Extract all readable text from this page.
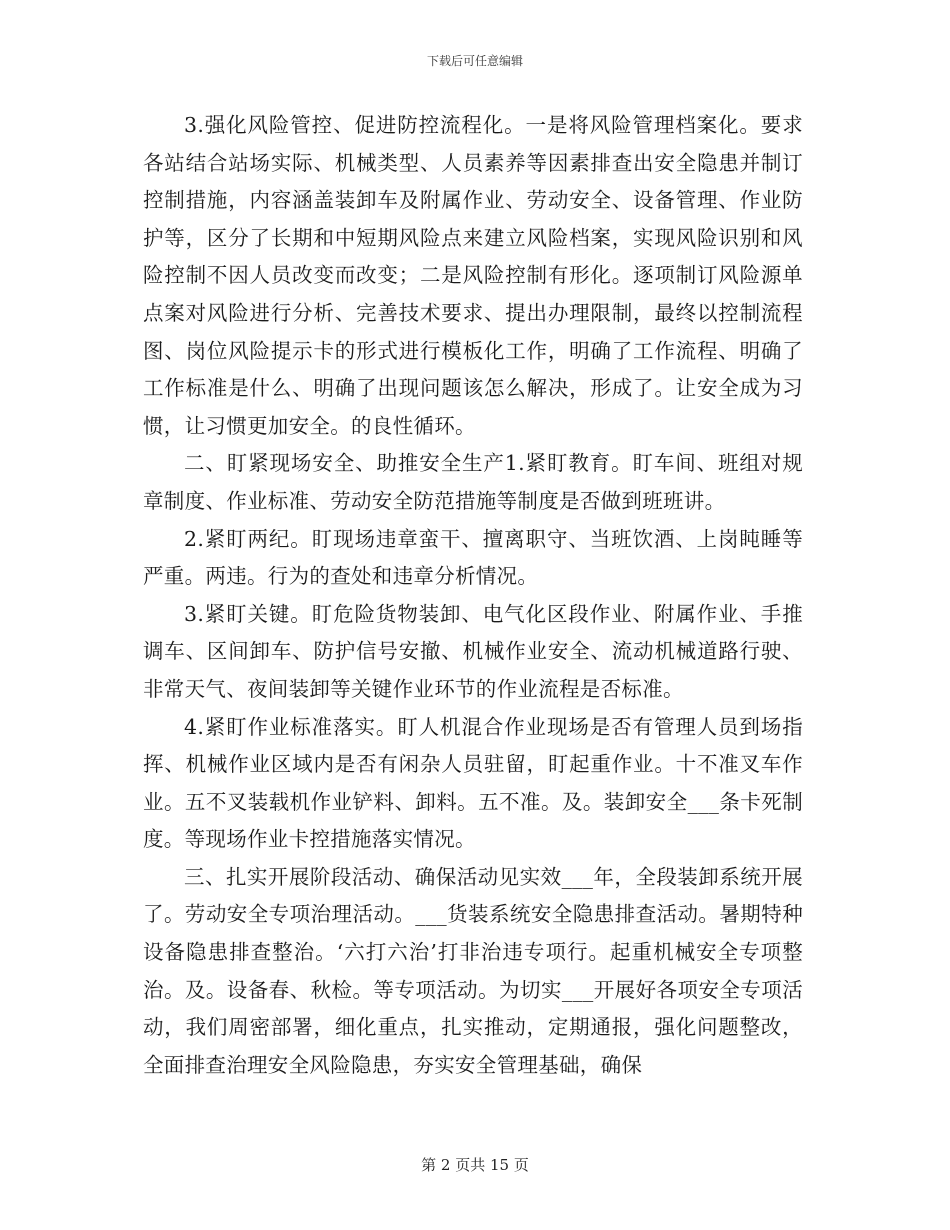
下载后可任意编辑

3.强化风险管控、促进防控流程化。一是将风险管理档案化。要求各站结合站场实际、机械类型、人员素养等因素排查出安全隐患并制订控制措施，内容涵盖装卸车及附属作业、劳动安全、设备管理、作业防护等，区分了长期和中短期风险点来建立风险档案，实现风险识别和风险控制不因人员改变而改变；二是风险控制有形化。逐项制订风险源单点案对风险进行分析、完善技术要求、提出办理限制，最终以控制流程图、岗位风险提示卡的形式进行模板化工作，明确了工作流程、明确了工作标准是什么、明确了出现问题该怎么解决，形成了。让安全成为习惯，让习惯更加安全。的良性循环。

二、盯紧现场安全、助推安全生产1.紧盯教育。盯车间、班组对规章制度、作业标准、劳动安全防范措施等制度是否做到班班讲。

2.紧盯两纪。盯现场违章蛮干、擅离职守、当班饮酒、上岗盹睡等严重。两违。行为的查处和违章分析情况。

3.紧盯关键。盯危险货物装卸、电气化区段作业、附属作业、手推调车、区间卸车、防护信号安撤、机械作业安全、流动机械道路行驶、非常天气、夜间装卸等关键作业环节的作业流程是否标准。

4.紧盯作业标准落实。盯人机混合作业现场是否有管理人员到场指挥、机械作业区域内是否有闲杂人员驻留，盯起重作业。十不准叉车作业。五不叉装载机作业铲料、卸料。五不准。及。装卸安全___条卡死制度。等现场作业卡控措施落实情况。

三、扎实开展阶段活动、确保活动见实效___年，全段装卸系统开展了。劳动安全专项治理活动。___货装系统安全隐患排查活动。暑期特种设备隐患排查整治。‘六打六治’打非治违专项行。起重机械安全专项整治。及。设备春、秋检。等专项活动。为切实___开展好各项安全专项活动，我们周密部署，细化重点，扎实推动，定期通报，强化问题整改，全面排查治理安全风险隐患，夯实安全管理基础，确保

第 2 页共 15 页
